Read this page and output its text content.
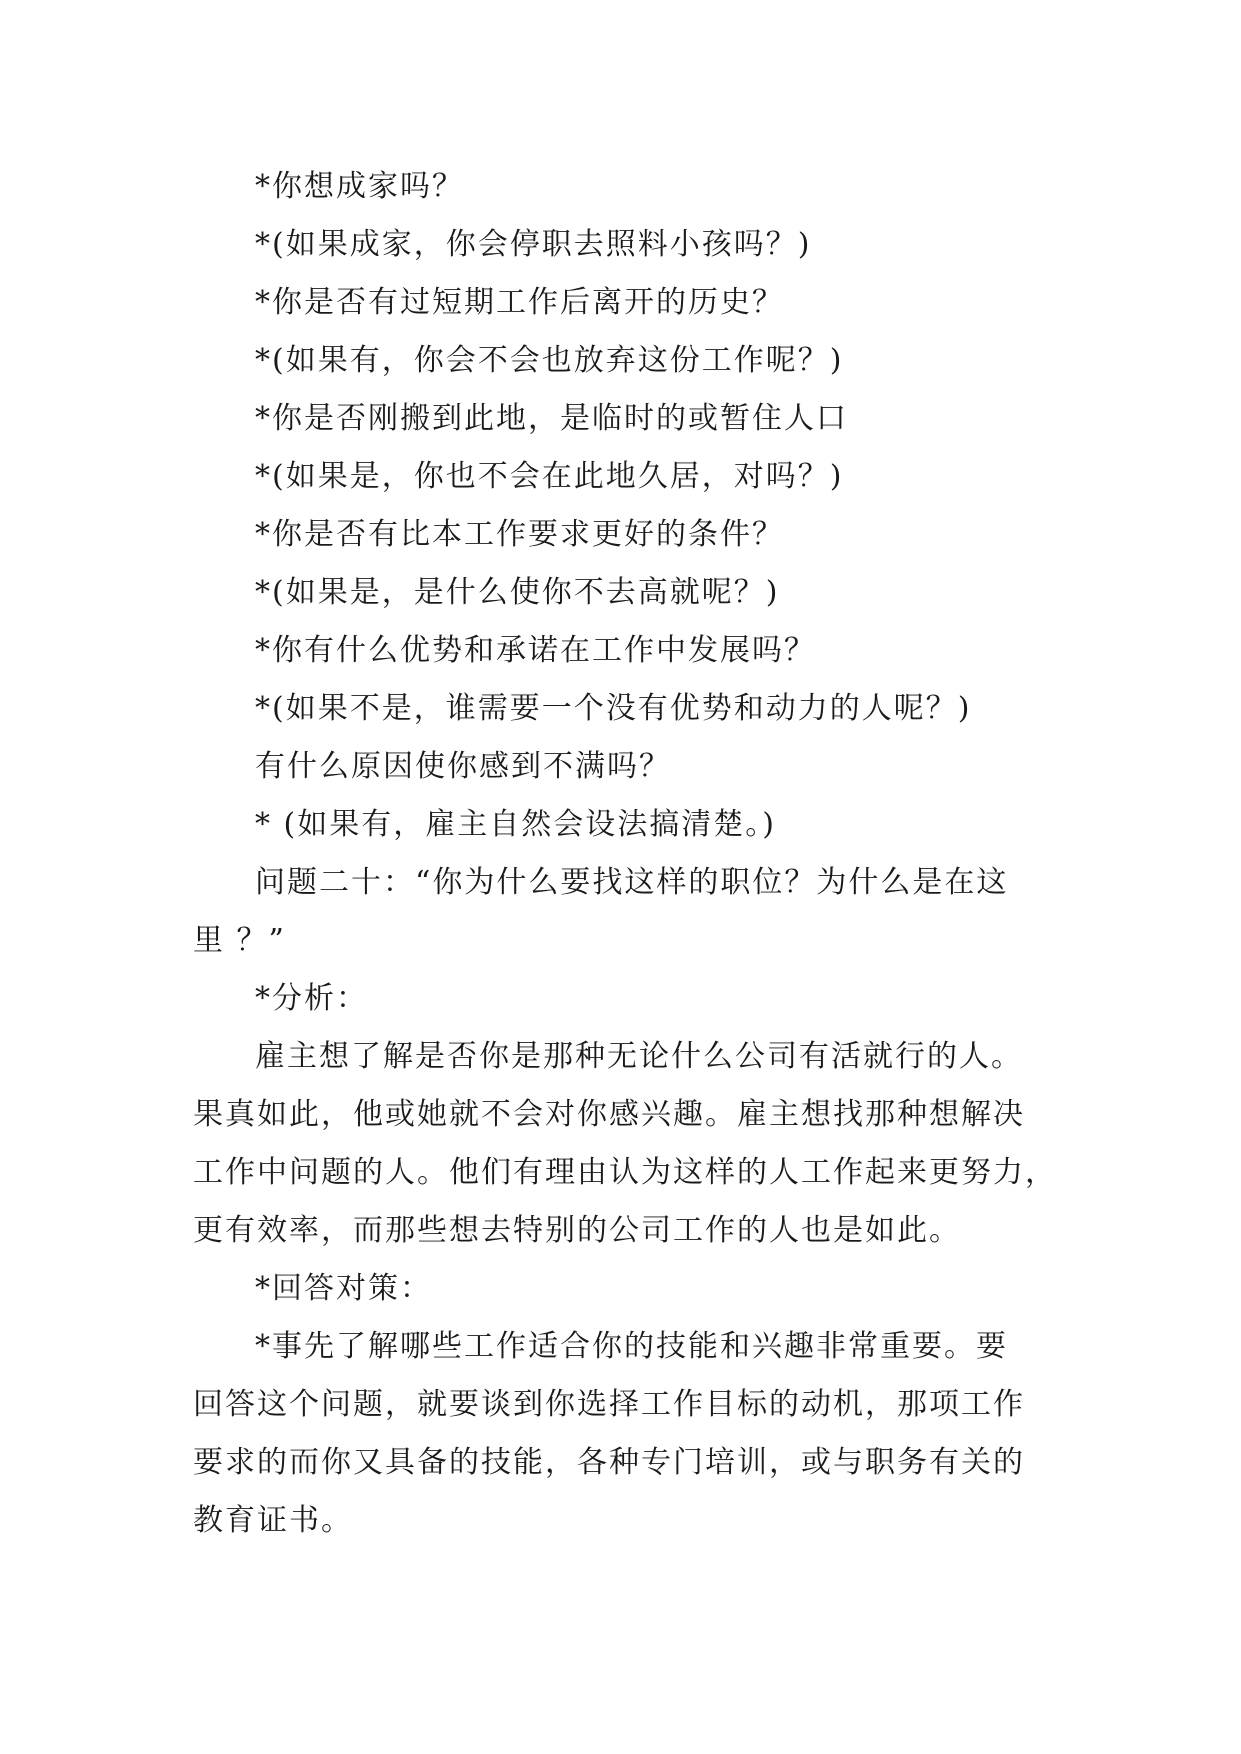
*你想成家吗？
*(如果成家，你会停职去照料小孩吗？)
*你是否有过短期工作后离开的历史？
*(如果有，你会不会也放弃这份工作呢？)
*你是否刚搬到此地，是临时的或暂住人口
*(如果是，你也不会在此地久居，对吗？)
*你是否有比本工作要求更好的条件？
*(如果是，是什么使你不去高就呢？)
*你有什么优势和承诺在工作中发展吗？
*(如果不是，谁需要一个没有优势和动力的人呢？)
有什么原因使你感到不满吗？
* (如果有，雇主自然会设法搞清楚。)
问题二十：“你为什么要找这样的职位？为什么是在这
里 ？”
*分析：
雇主想了解是否你是那种无论什么公司有活就行的人。
果真如此，他或她就不会对你感兴趣。雇主想找那种想解决
工作中问题的人。他们有理由认为这样的人工作起来更努力，
更有效率，而那些想去特别的公司工作的人也是如此。
*回答对策：
*事先了解哪些工作适合你的技能和兴趣非常重要。要
回答这个问题，就要谈到你选择工作目标的动机，那项工作
要求的而你又具备的技能，各种专门培训，或与职务有关的
教育证书。
